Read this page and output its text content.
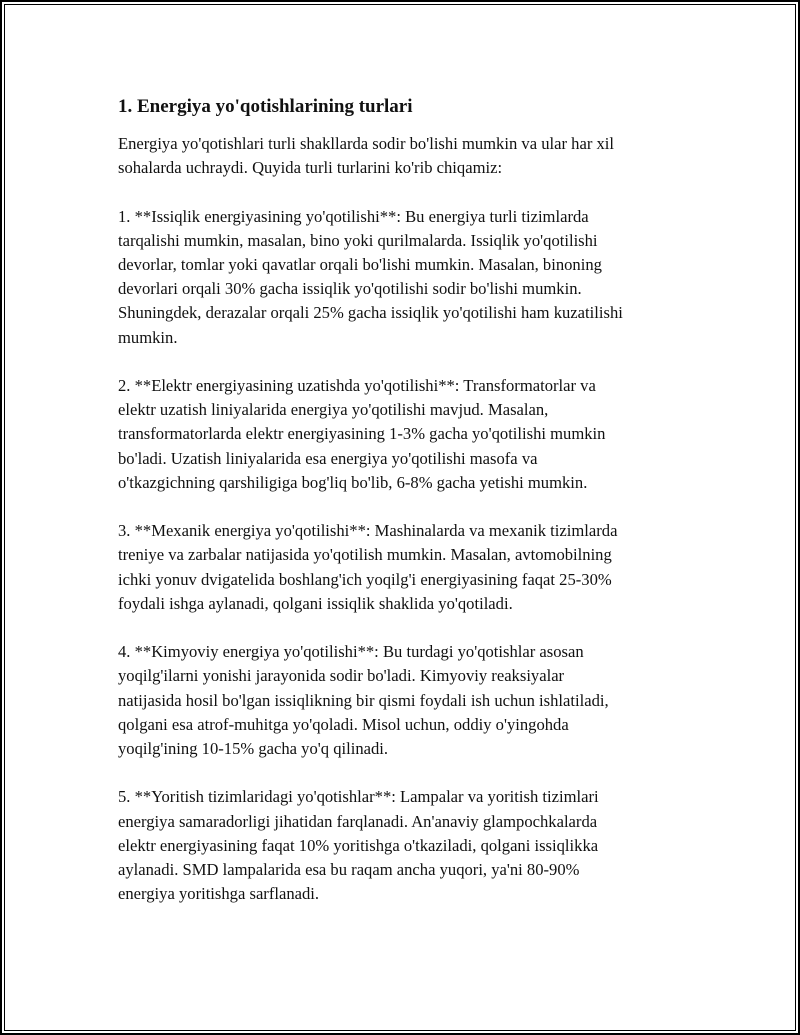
1. Energiya yo'qotishlarining turlari
Energiya yo'qotishlari turli shakllarda sodir bo'lishi mumkin va ular har xil
sohalarda uchraydi. Quyida turli turlarini ko'rib chiqamiz:
1. **Issiqlik energiyasining yo'qotilishi**: Bu energiya turli tizimlarda
tarqalishi mumkin, masalan, bino yoki qurilmalarda. Issiqlik yo'qotilishi
devorlar, tomlar yoki qavatlar orqali bo'lishi mumkin. Masalan, binoning
devorlari orqali 30% gacha issiqlik yo'qotilishi sodir bo'lishi mumkin.
Shuningdek, derazalar orqali 25% gacha issiqlik yo'qotilishi ham kuzatilishi
mumkin.
2. **Elektr energiyasining uzatishda yo'qotilishi**: Transformatorlar va
elektr uzatish liniyalarida energiya yo'qotilishi mavjud. Masalan,
transformatorlarda elektr energiyasining 1-3% gacha yo'qotilishi mumkin
bo'ladi. Uzatish liniyalarida esa energiya yo'qotilishi masofa va
o'tkazgichning qarshiligiga bog'liq bo'lib, 6-8% gacha yetishi mumkin.
3. **Mexanik energiya yo'qotilishi**: Mashinalarda va mexanik tizimlarda
treniye va zarbalar natijasida yo'qotilish mumkin. Masalan, avtomobilning
ichki yonuv dvigatelida boshlang'ich yoqilg'i energiyasining faqat 25-30%
foydali ishga aylanadi, qolgani issiqlik shaklida yo'qotiladi.
4. **Kimyoviy energiya yo'qotilishi**: Bu turdagi yo'qotishlar asosan
yoqilg'ilarni yonishi jarayonida sodir bo'ladi. Kimyoviy reaksiyalar
natijasida hosil bo'lgan issiqlikning bir qismi foydali ish uchun ishlatiladi,
qolgani esa atrof-muhitga yo'qoladi. Misol uchun, oddiy o'yingohda
yoqilg'ining 10-15% gacha yo'q qilinadi.
5. **Yoritish tizimlaridagi yo'qotishlar**: Lampalar va yoritish tizimlari
energiya samaradorligi jihatidan farqlanadi. An'anaviy glampochkalarda
elektr energiyasining faqat 10% yoritishga o'tkaziladi, qolgani issiqlikka
aylanadi. SMD lampalarida esa bu raqam ancha yuqori, ya'ni 80-90%
energiya yoritishga sarflanadi.
